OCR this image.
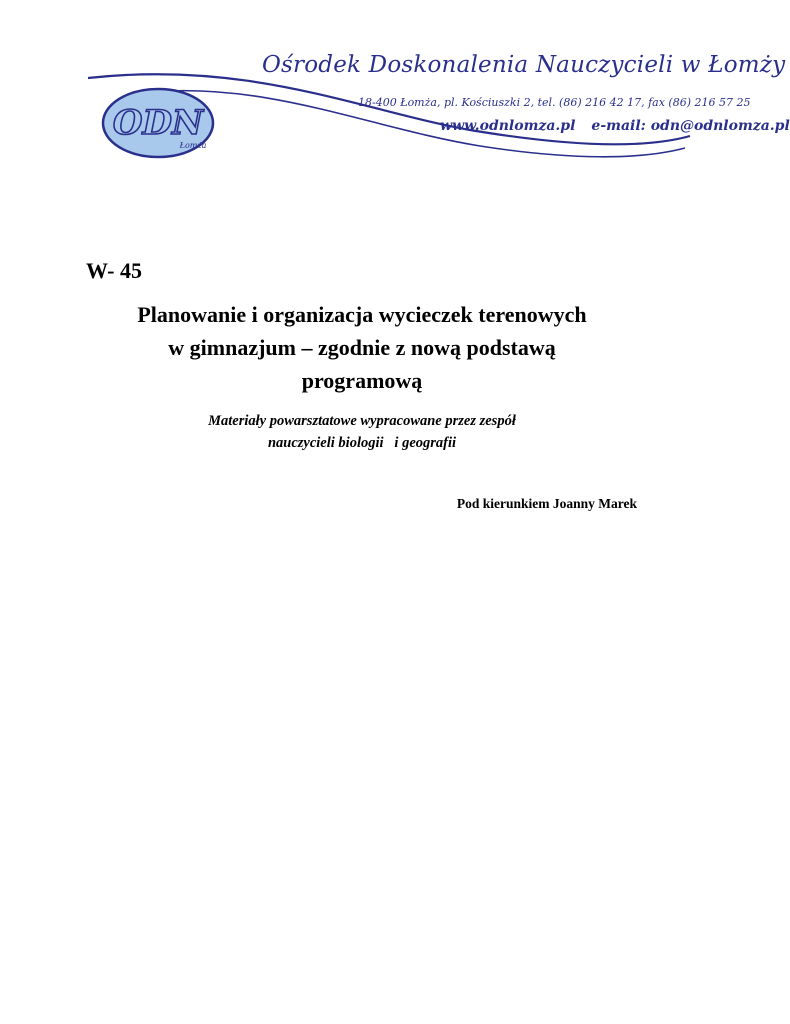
ODN
Łomża
Ośrodek Doskonalenia Nauczycieli w Łomży
18-400 Łomża, pl. Kościuszki 2, tel. (86) 216 42 17, fax (86) 216 57 25
www.odnlomza.pl e-mail: odn@odnlomza.pl
W- 45
Planowanie i organizacja wycieczek terenowych
w gimnazjum – zgodnie z nową podstawą
programową
Materiały powarsztatowe wypracowane przez zespół
nauczycieli biologii   i geografii
Pod kierunkiem Joanny Marek
